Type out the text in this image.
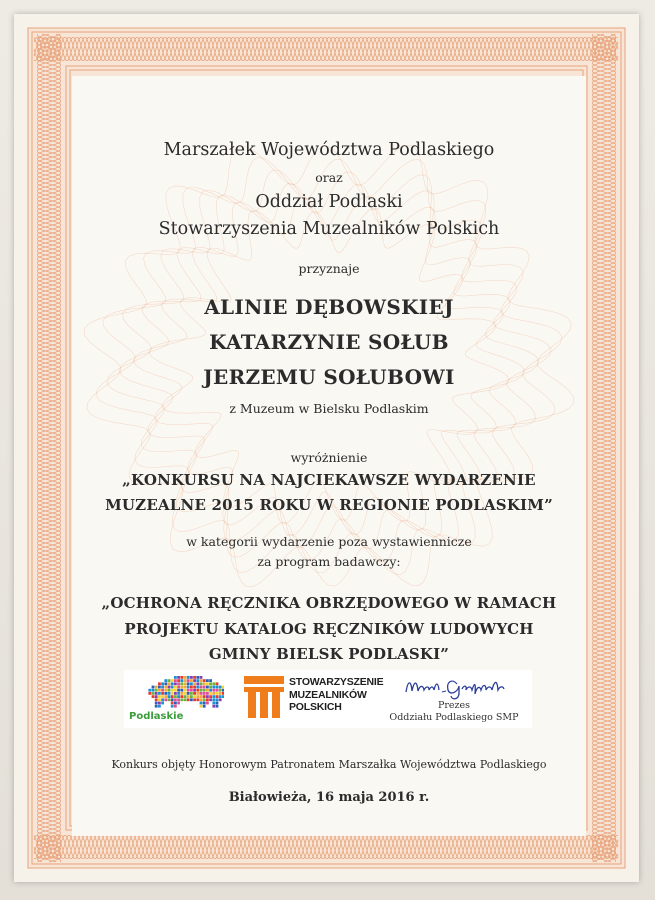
Marszałek Województwa Podlaskiego
oraz
Oddział Podlaski
Stowarzyszenia Muzealników Polskich
przyznaje
ALINIE DĘBOWSKIEJ
KATARZYNIE SOŁUB
JERZEMU SOŁUBOWI
z Muzeum w Bielsku Podlaskim
wyróżnienie
„KONKURSU NA NAJCIEKAWSZE WYDARZENIE
MUZEALNE 2015 ROKU W REGIONIE PODLASKIM”
w kategorii wydarzenie poza wystawiennicze
za program badawczy:
„OCHRONA RĘCZNIKA OBRZĘDOWEGO W RAMACH
PROJEKTU KATALOG RĘCZNIKÓW LUDOWYCH
GMINY BIELSK PODLASKI”
Konkurs objęty Honorowym Patronatem Marszałka Województwa Podlaskiego
Białowieża, 16 maja 2016 r.
Podlaskie
STOWARZYSZENIE
MUZEALNIKÓW
POLSKICH	Prezes
Oddziału Podlaskiego SMP
